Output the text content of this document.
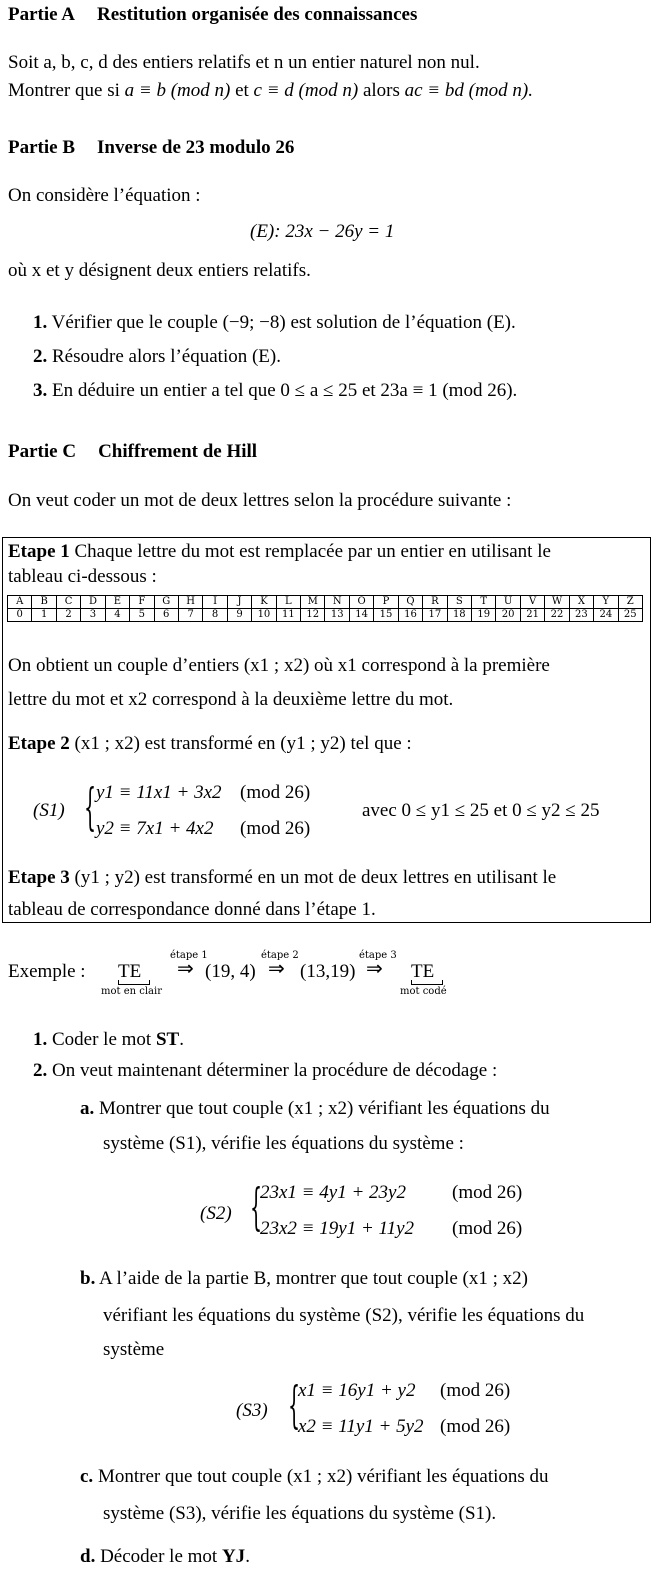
Partie A Restitution organisée des connaissances
Soit a, b, c, d des entiers relatifs et n un entier naturel non nul.
Montrer que si a ≡ b (mod n) et c ≡ d (mod n) alors ac ≡ bd (mod n).
Partie B Inverse de 23 modulo 26
On considère l’équation :
(E): 23x − 26y = 1
où x et y désignent deux entiers relatifs.
1. Vérifier que le couple (−9; −8) est solution de l’équation (E).
2. Résoudre alors l’équation (E).
3. En déduire un entier a tel que 0 ≤ a ≤ 25 et 23a ≡ 1 (mod 26).
Partie C Chiffrement de Hill
On veut coder un mot de deux lettres selon la procédure suivante :
Etape 1 Chaque lettre du mot est remplacée par un entier en utilisant le
tableau ci-dessous :
A	B	C	D	E	F	G	H	I	J	K	L	M	N	O	P	Q	R	S	T	U	V	W	X	Y	Z
0	1	2	3	4	5	6	7	8	9	10	11	12	13	14	15	16	17	18	19	20	21	22	23	24	25
On obtient un couple d’entiers (x1 ; x2) où x1 correspond à la première
lettre du mot et x2 correspond à la deuxième lettre du mot.
Etape 2 (x1 ; x2) est transformé en (y1 ; y2) tel que :
(S1) { y1 ≡ 11x1 + 3x2 (mod 26)
y2 ≡ 7x1 + 4x2 (mod 26)
avec 0 ≤ y1 ≤ 25 et 0 ≤ y2 ≤ 25
Etape 3 (y1 ; y2) est transformé en un mot de deux lettres en utilisant le
tableau de correspondance donné dans l’étape 1.
Exemple : TE
mot en clair
étape 1
⇒ (19, 4)
étape 2
⇒ (13,19)
étape 3
⇒ TE
mot codé
1. Coder le mot ST.
2. On veut maintenant déterminer la procédure de décodage :
a. Montrer que tout couple (x1 ; x2) vérifiant les équations du
système (S1), vérifie les équations du système :
(S2) {
23x1 ≡ 4y1 + 23y2 (mod 26)
23x2 ≡ 19y1 + 11y2 (mod 26)
b. A l’aide de la partie B, montrer que tout couple (x1 ; x2)
vérifiant les équations du système (S2), vérifie les équations du
système
(S3) {
x1 ≡ 16y1 + y2 (mod 26)
x2 ≡ 11y1 + 5y2 (mod 26)
c. Montrer que tout couple (x1 ; x2) vérifiant les équations du
système (S3), vérifie les équations du système (S1).
d. Décoder le mot YJ.
